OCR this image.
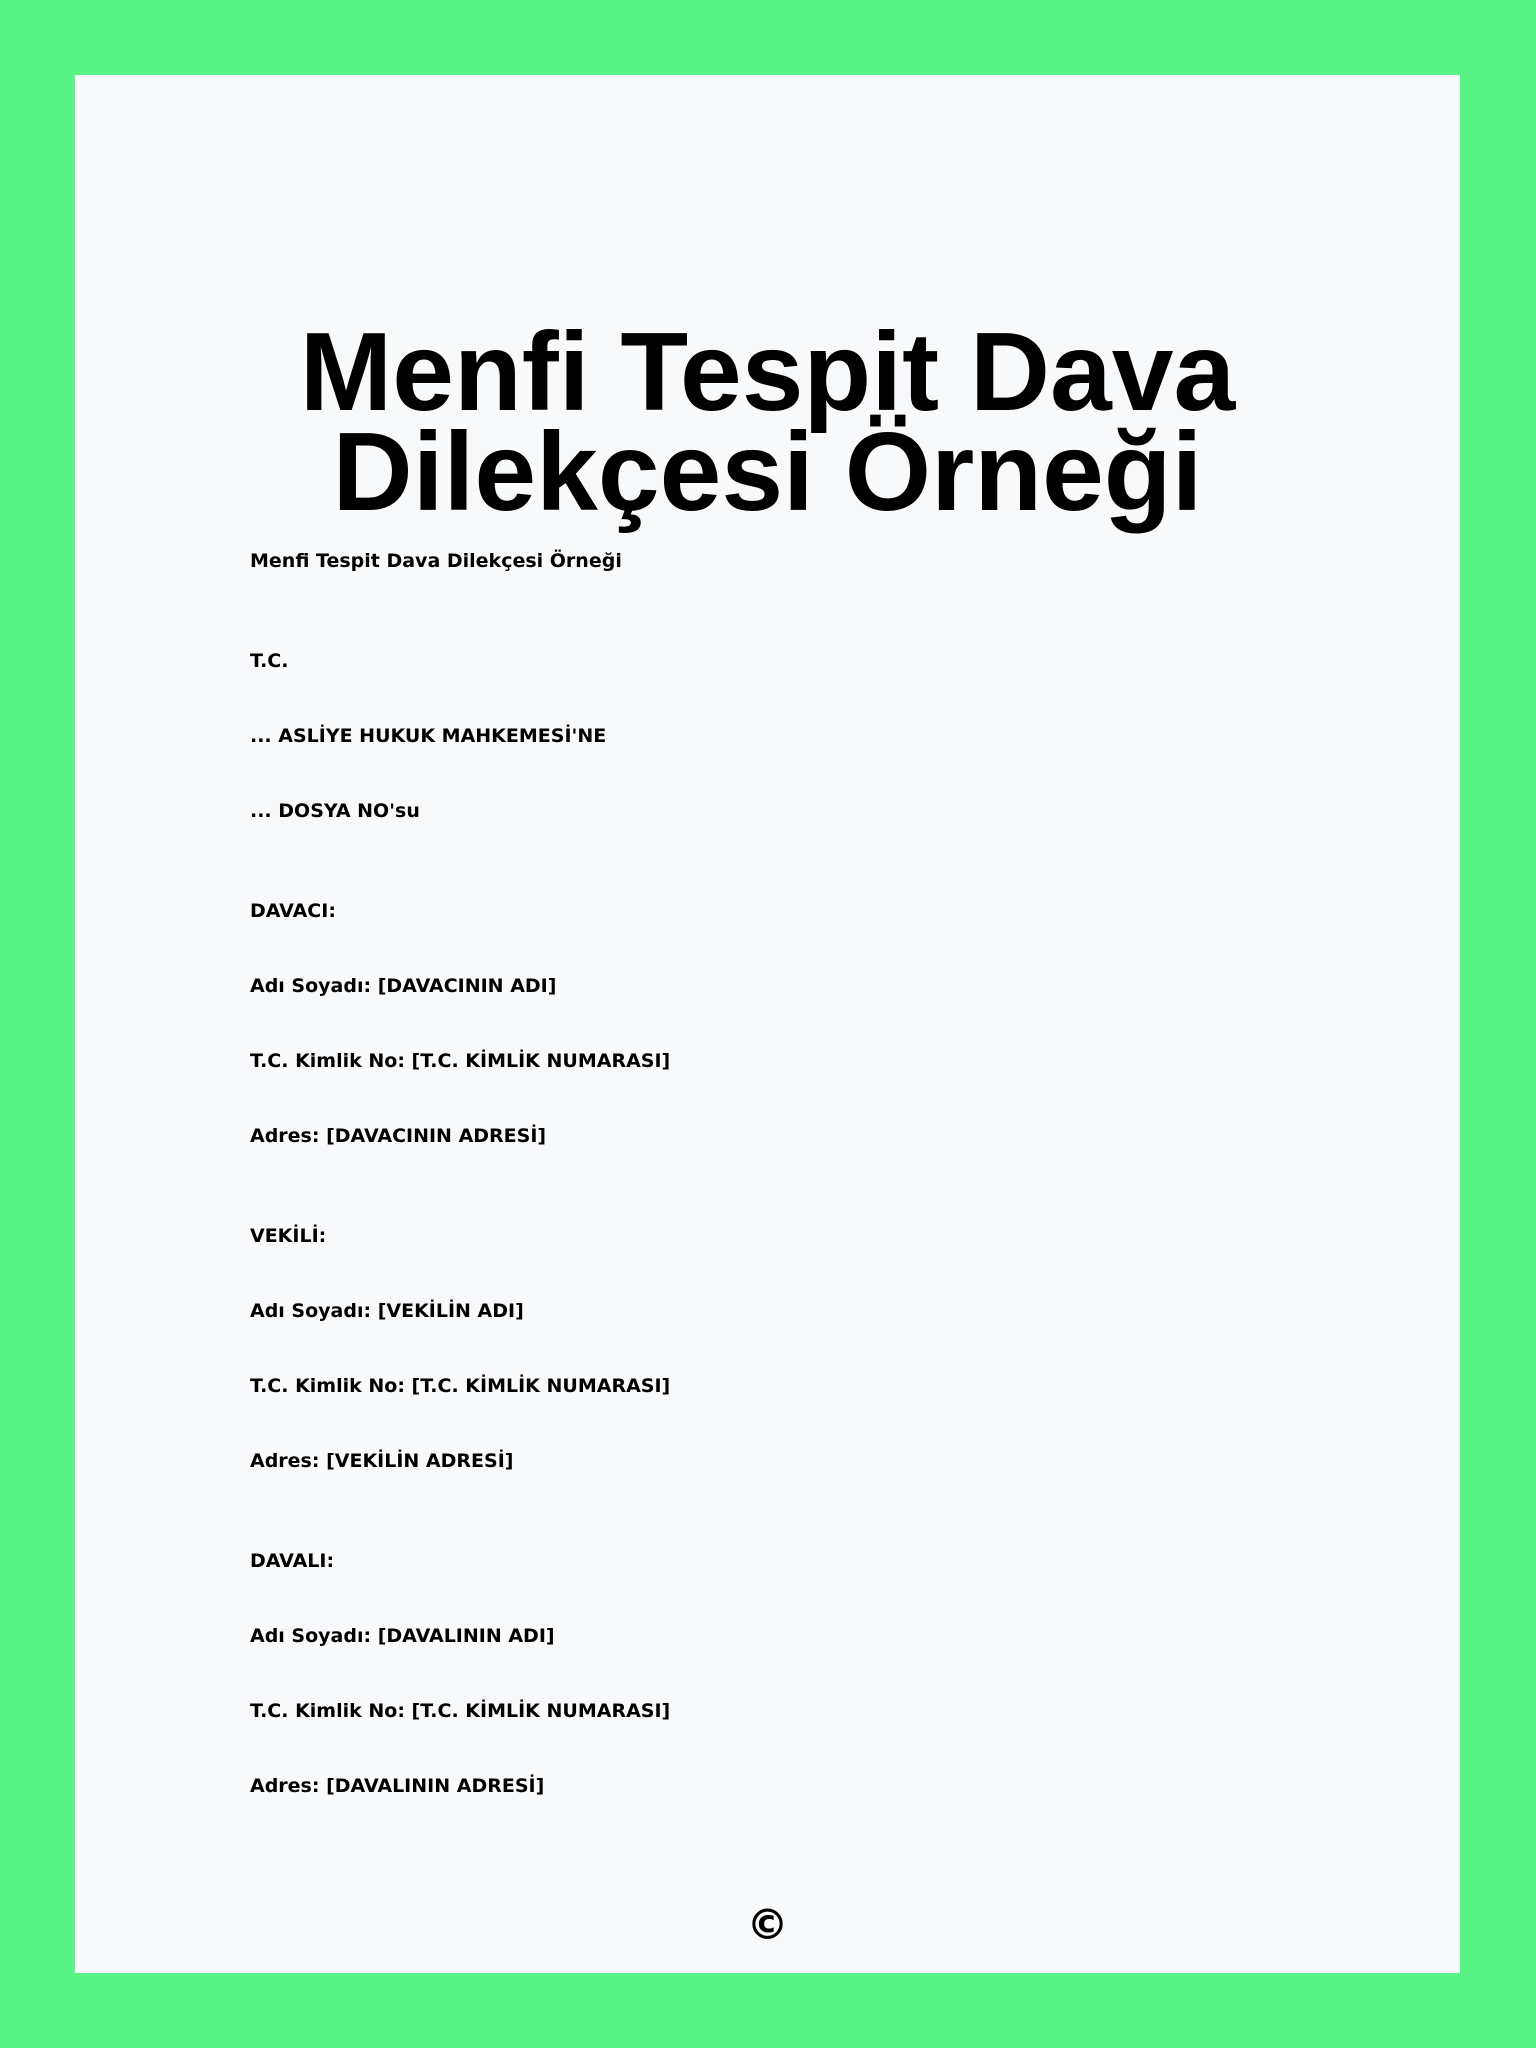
Menfi Tespit Dava Dilekçesi Örneği

Menfi Tespit Dava Dilekçesi Örneği

T.C.

... ASLİYE HUKUK MAHKEMESİ'NE

... DOSYA NO'su

DAVACI:

Adı Soyadı: [DAVACININ ADI]

T.C. Kimlik No: [T.C. KİMLİK NUMARASI]

Adres: [DAVACININ ADRESİ]

VEKİLİ:

Adı Soyadı: [VEKİLİN ADI]

T.C. Kimlik No: [T.C. KİMLİK NUMARASI]

Adres: [VEKİLİN ADRESİ]

DAVALI:

Adı Soyadı: [DAVALININ ADI]

T.C. Kimlik No: [T.C. KİMLİK NUMARASI]

Adres: [DAVALININ ADRESİ]

©
